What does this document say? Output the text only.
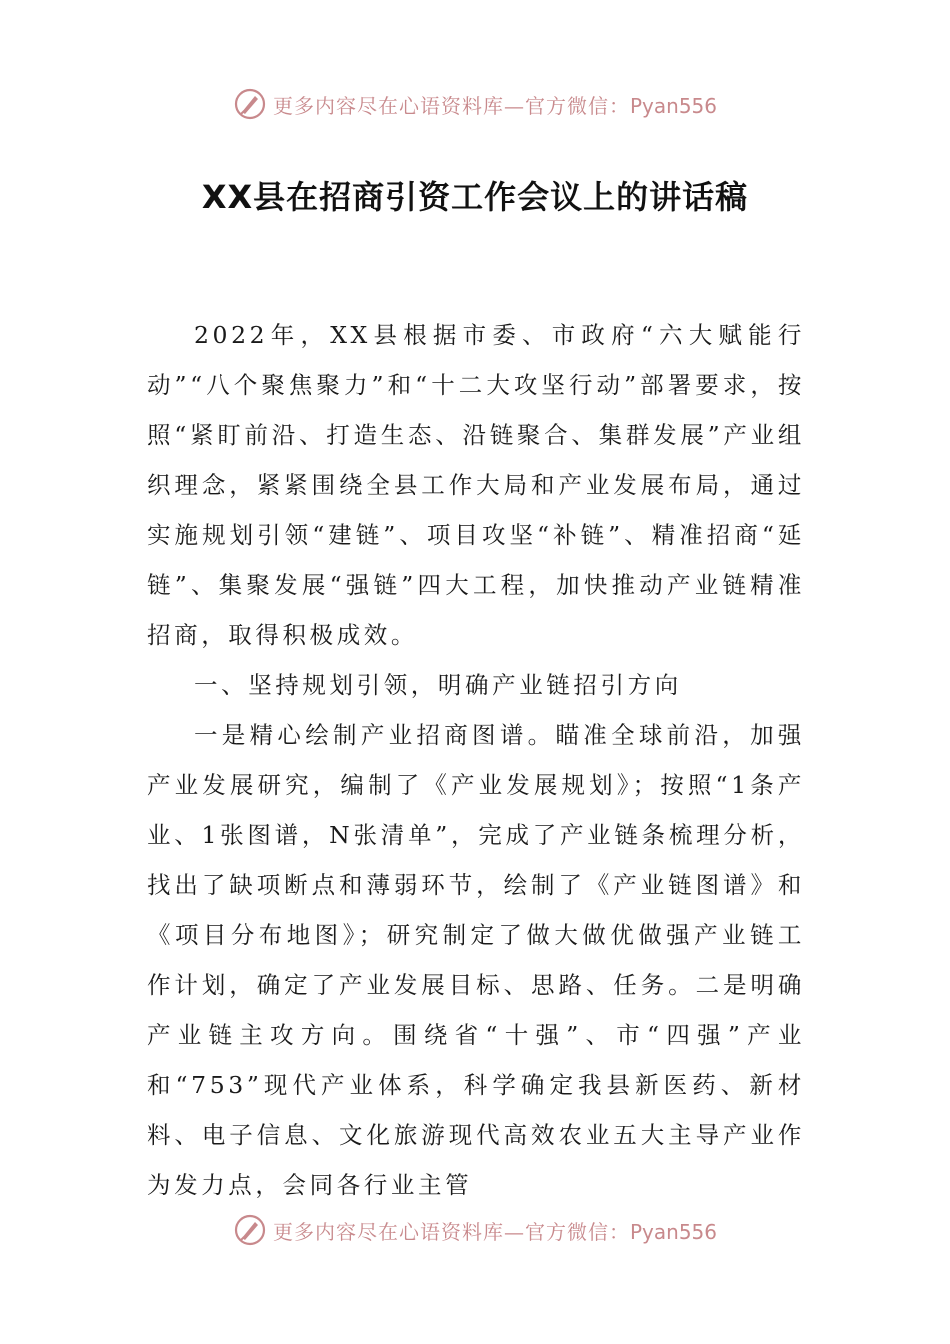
更多内容尽在心语资料库—官方微信：Pyan556
XX县在招商引资工作会议上的讲话稿

2022年，XX县根据市委、市政府“六大赋能行动”“八个聚焦聚力”和“十二大攻坚行动”部署要求，按照“紧盯前沿、打造生态、沿链聚合、集群发展”产业组织理念，紧紧围绕全县工作大局和产业发展布局，通过实施规划引领“建链”、项目攻坚“补链”、精准招商“延链”、集聚发展“强链”四大工程，加快推动产业链精准招商，取得积极成效。

一、坚持规划引领，明确产业链招引方向

一是精心绘制产业招商图谱。瞄准全球前沿，加强产业发展研究，编制了《产业发展规划》；按照“1条产业、1张图谱，N张清单”，完成了产业链条梳理分析，找出了缺项断点和薄弱环节，绘制了《产业链图谱》和《项目分布地图》；研究制定了做大做优做强产业链工作计划，确定了产业发展目标、思路、任务。二是明确产业链主攻方向。围绕省“十强”、市“四强”产业和“753”现代产业体系，科学确定我县新医药、新材料、电子信息、文化旅游现代高效农业五大主导产业作为发力点，会同各行业主管

更多内容尽在心语资料库—官方微信：Pyan556
